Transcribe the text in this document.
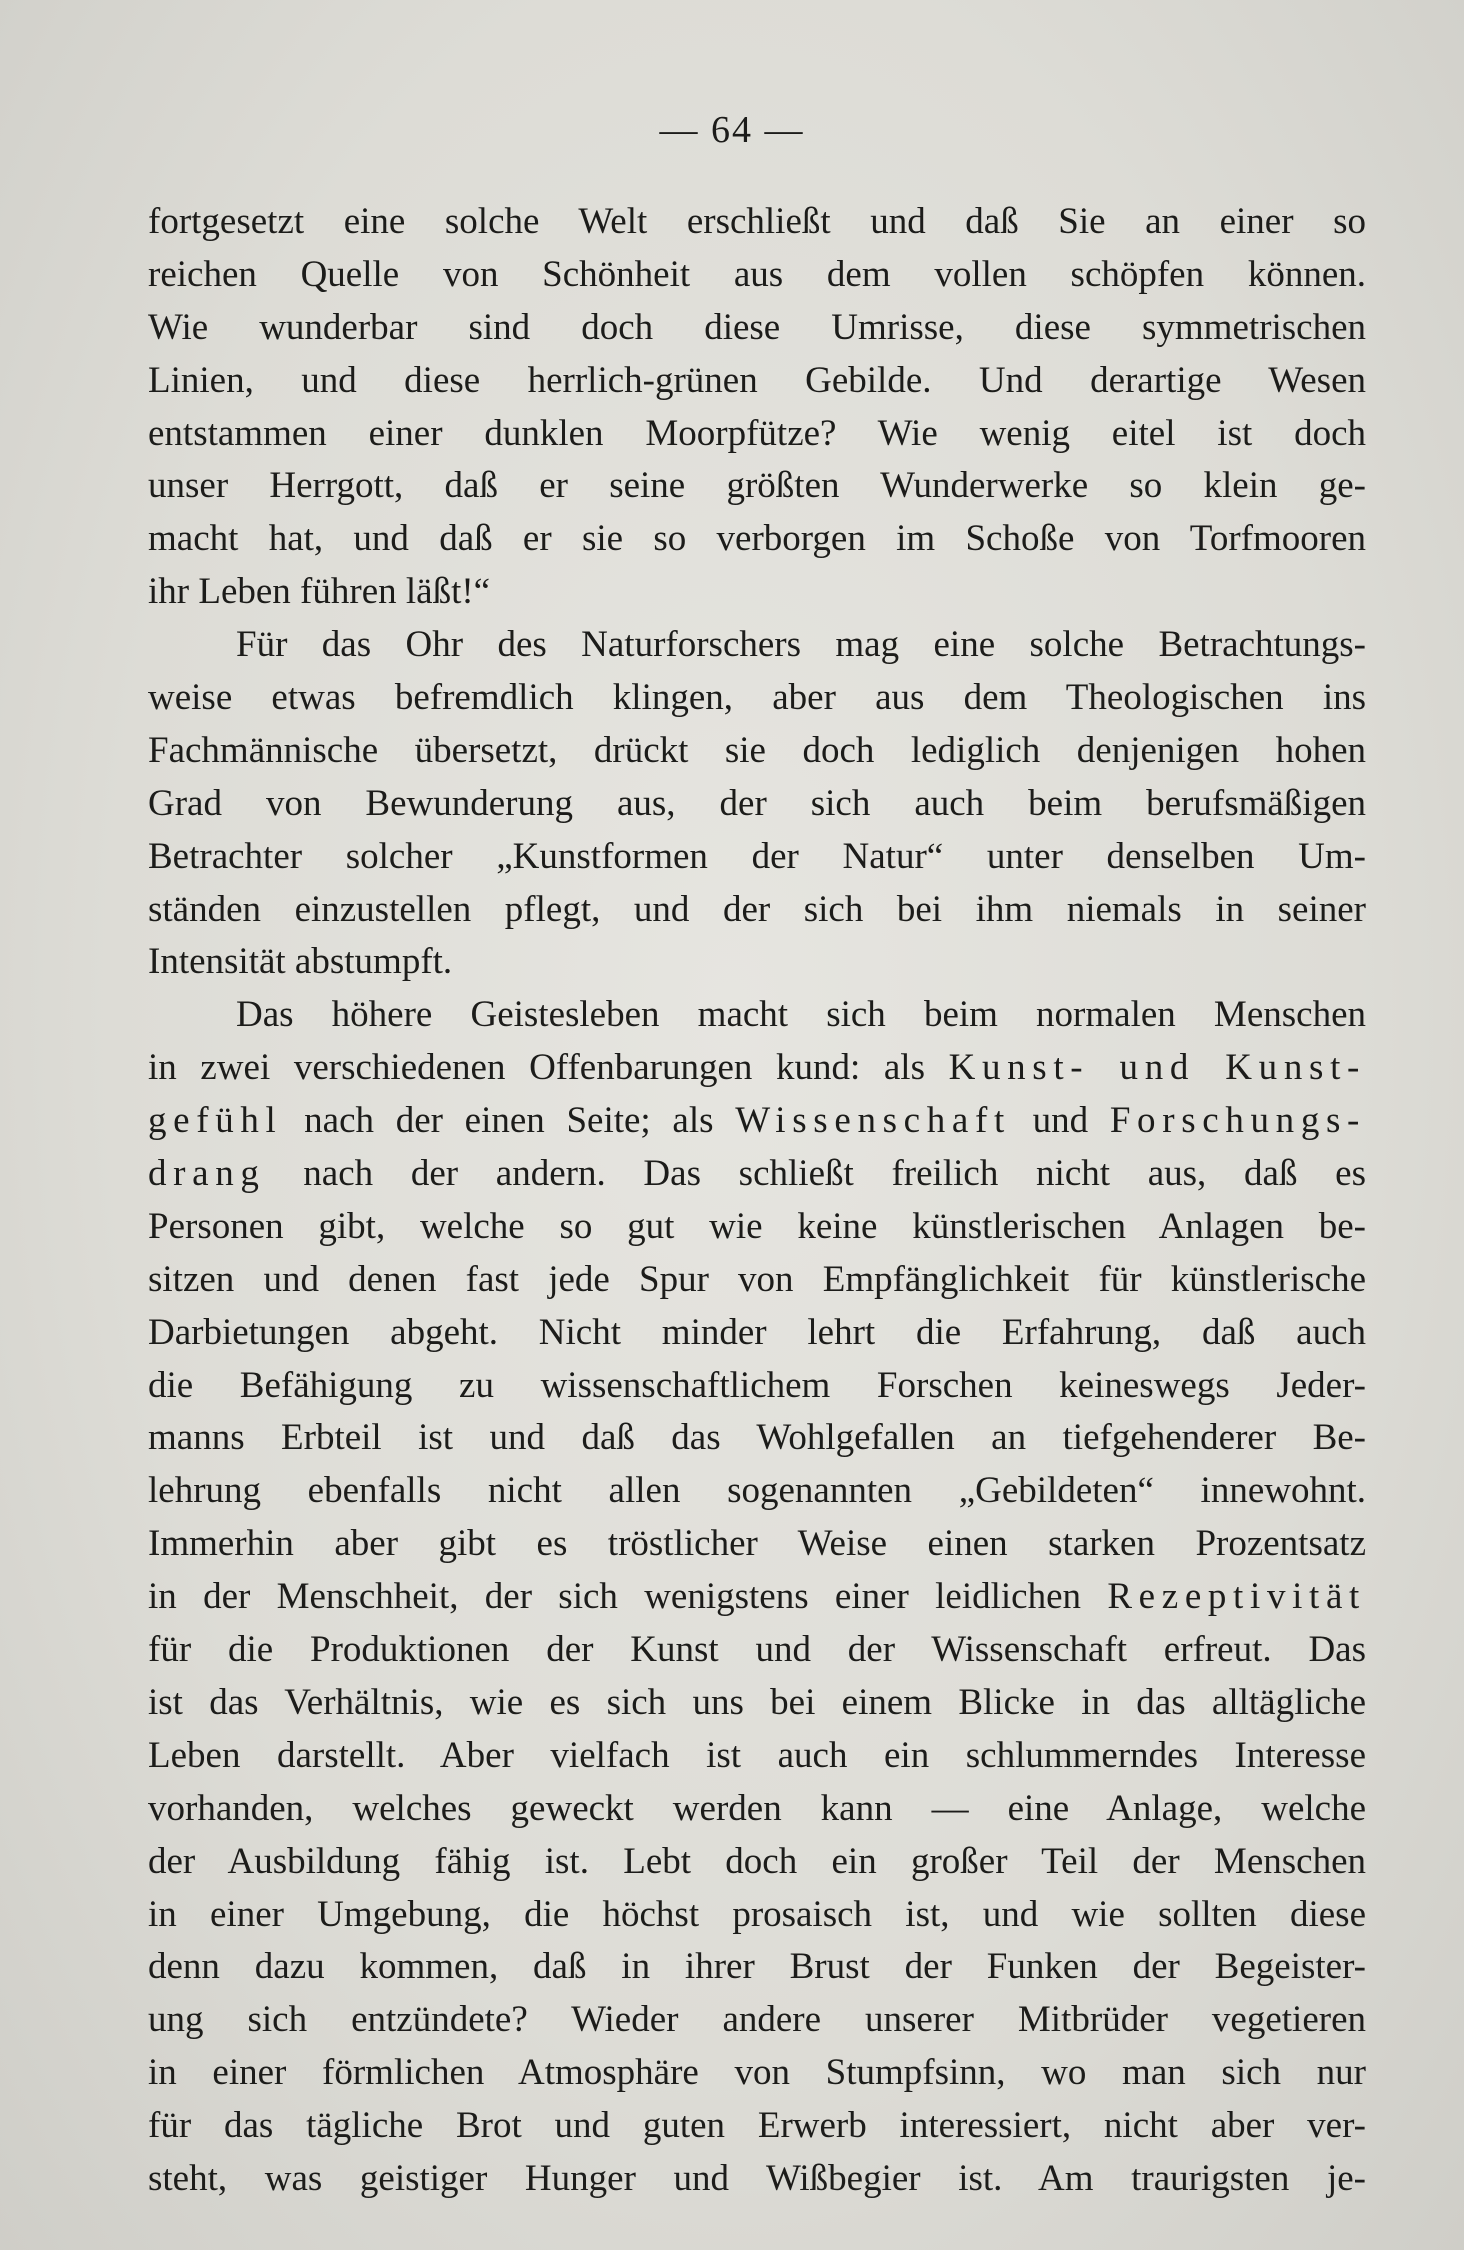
— 64 —
fortgesetzt eine solche Welt erschließt und daß Sie an einer so
reichen Quelle von Schönheit aus dem vollen schöpfen können.
Wie wunderbar sind doch diese Umrisse, diese symmetrischen
Linien, und diese herrlich-grünen Gebilde. Und derartige Wesen
entstammen einer dunklen Moorpfütze? Wie wenig eitel ist doch
unser Herrgott, daß er seine größten Wunderwerke so klein ge-
macht hat, und daß er sie so verborgen im Schoße von Torfmooren
ihr Leben führen läßt!“
Für das Ohr des Naturforschers mag eine solche Betrachtungs-
weise etwas befremdlich klingen, aber aus dem Theologischen ins
Fachmännische übersetzt, drückt sie doch lediglich denjenigen hohen
Grad von Bewunderung aus, der sich auch beim berufsmäßigen
Betrachter solcher „Kunstformen der Natur“ unter denselben Um-
ständen einzustellen pflegt, und der sich bei ihm niemals in seiner
Intensität abstumpft.
Das höhere Geistesleben macht sich beim normalen Menschen
in zwei verschiedenen Offenbarungen kund: als Kunst- und Kunst-
gefühl nach der einen Seite; als Wissenschaft und Forschungs-
drang nach der andern. Das schließt freilich nicht aus, daß es
Personen gibt, welche so gut wie keine künstlerischen Anlagen be-
sitzen und denen fast jede Spur von Empfänglichkeit für künstlerische
Darbietungen abgeht. Nicht minder lehrt die Erfahrung, daß auch
die Befähigung zu wissenschaftlichem Forschen keineswegs Jeder-
manns Erbteil ist und daß das Wohlgefallen an tiefgehenderer Be-
lehrung ebenfalls nicht allen sogenannten „Gebildeten“ innewohnt.
Immerhin aber gibt es tröstlicher Weise einen starken Prozentsatz
in der Menschheit, der sich wenigstens einer leidlichen Rezeptivität
für die Produktionen der Kunst und der Wissenschaft erfreut. Das
ist das Verhältnis, wie es sich uns bei einem Blicke in das alltägliche
Leben darstellt. Aber vielfach ist auch ein schlummerndes Interesse
vorhanden, welches geweckt werden kann — eine Anlage, welche
der Ausbildung fähig ist. Lebt doch ein großer Teil der Menschen
in einer Umgebung, die höchst prosaisch ist, und wie sollten diese
denn dazu kommen, daß in ihrer Brust der Funken der Begeister-
ung sich entzündete? Wieder andere unserer Mitbrüder vegetieren
in einer förmlichen Atmosphäre von Stumpfsinn, wo man sich nur
für das tägliche Brot und guten Erwerb interessiert, nicht aber ver-
steht, was geistiger Hunger und Wißbegier ist. Am traurigsten je-
